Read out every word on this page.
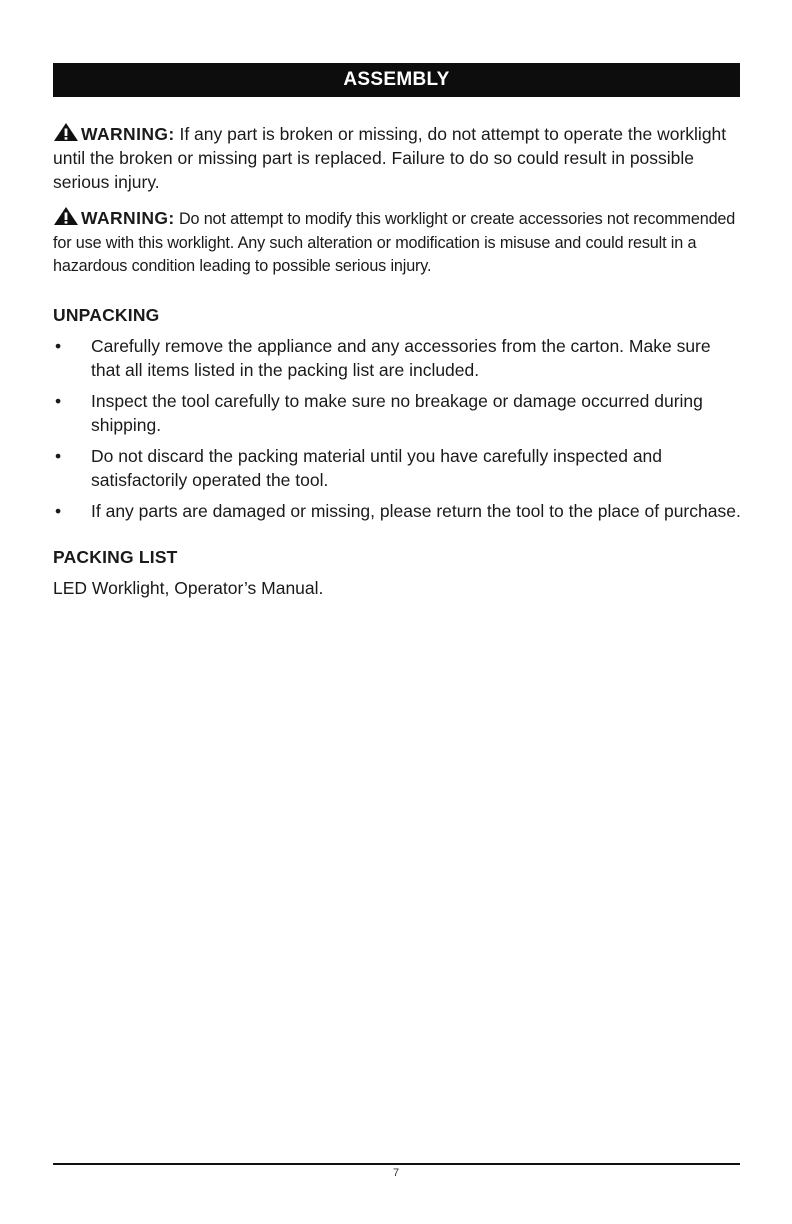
ASSEMBLY

WARNING: If any part is broken or missing, do not attempt to operate the worklight until the broken or missing part is replaced. Failure to do so could result in possible serious injury.

WARNING: Do not attempt to modify this worklight or create accessories not recommended for use with this worklight. Any such alteration or modification is misuse and could result in a hazardous condition leading to possible serious injury.

UNPACKING
• Carefully remove the appliance and any accessories from the carton. Make sure that all items listed in the packing list are included.
• Inspect the tool carefully to make sure no breakage or damage occurred during shipping.
• Do not discard the packing material until you have carefully inspected and satisfactorily operated the tool.
• If any parts are damaged or missing, please return the tool to the place of purchase.
PACKING LIST

LED Worklight, Operator’s Manual.

7
